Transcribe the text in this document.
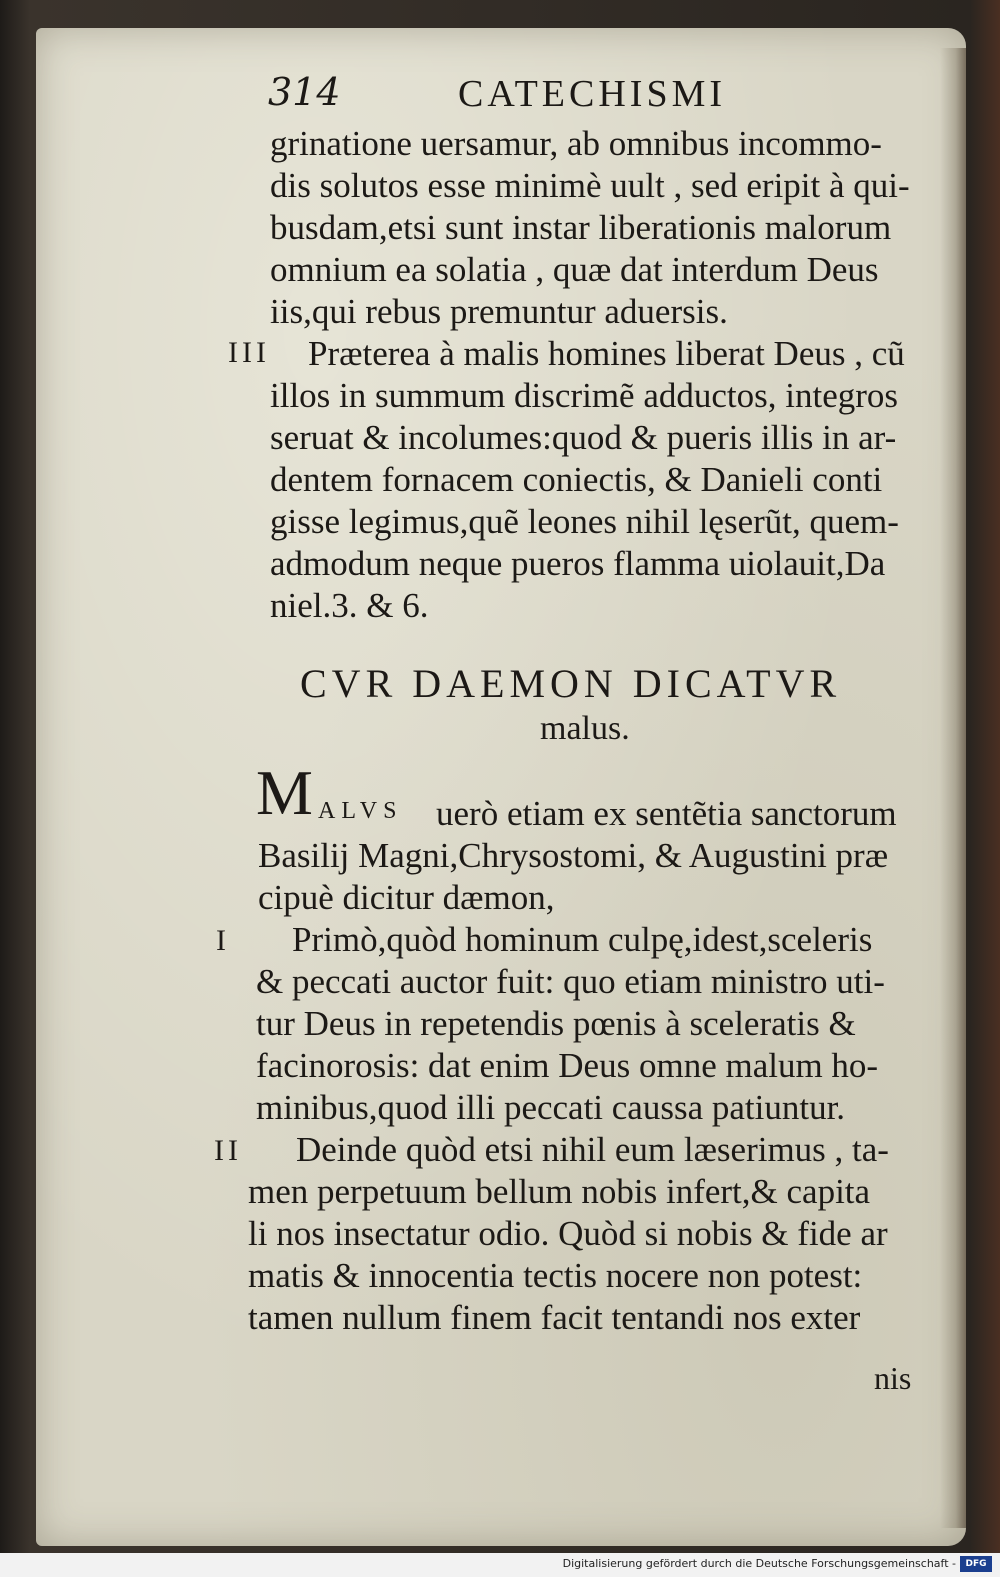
314	CATECHISMI
grinatione uersamur, ab omnibus incommo-
dis solutos esse minimè uult , sed eripit à qui-
busdam,etsi sunt instar liberationis malorum
omnium ea solatia , quæ dat interdum Deus
iis,qui rebus premuntur aduersis.
III Præterea à malis homines liberat Deus , cũ
illos in summum discrimẽ adductos, integros
seruat & incolumes:quod & pueris illis in ar-
dentem fornacem coniectis, & Danieli conti
gisse legimus,quẽ leones nihil lęserũt, quem-
admodum neque pueros flamma uiolauit,Da
niel.3. & 6.
CVR DAEMON DICATVR
malus.
M ALVS uerò etiam ex sentẽtia sanctorum
Basilij Magni,Chrysostomi, & Augustini præ
cipuè dicitur dæmon,
I Primò,quòd hominum culpę,idest,sceleris
& peccati auctor fuit: quo etiam ministro uti-
tur Deus in repetendis pœnis à sceleratis &
facinorosis: dat enim Deus omne malum ho-
minibus,quod illi peccati caussa patiuntur.
II Deinde quòd etsi nihil eum læserimus , ta-
men perpetuum bellum nobis infert,& capita
li nos insectatur odio. Quòd si nobis & fide ar
matis & innocentia tectis nocere non potest:
tamen nullum finem facit tentandi nos exter
nis
Digitalisierung gefördert durch die Deutsche Forschungsgemeinschaft -	DFG
